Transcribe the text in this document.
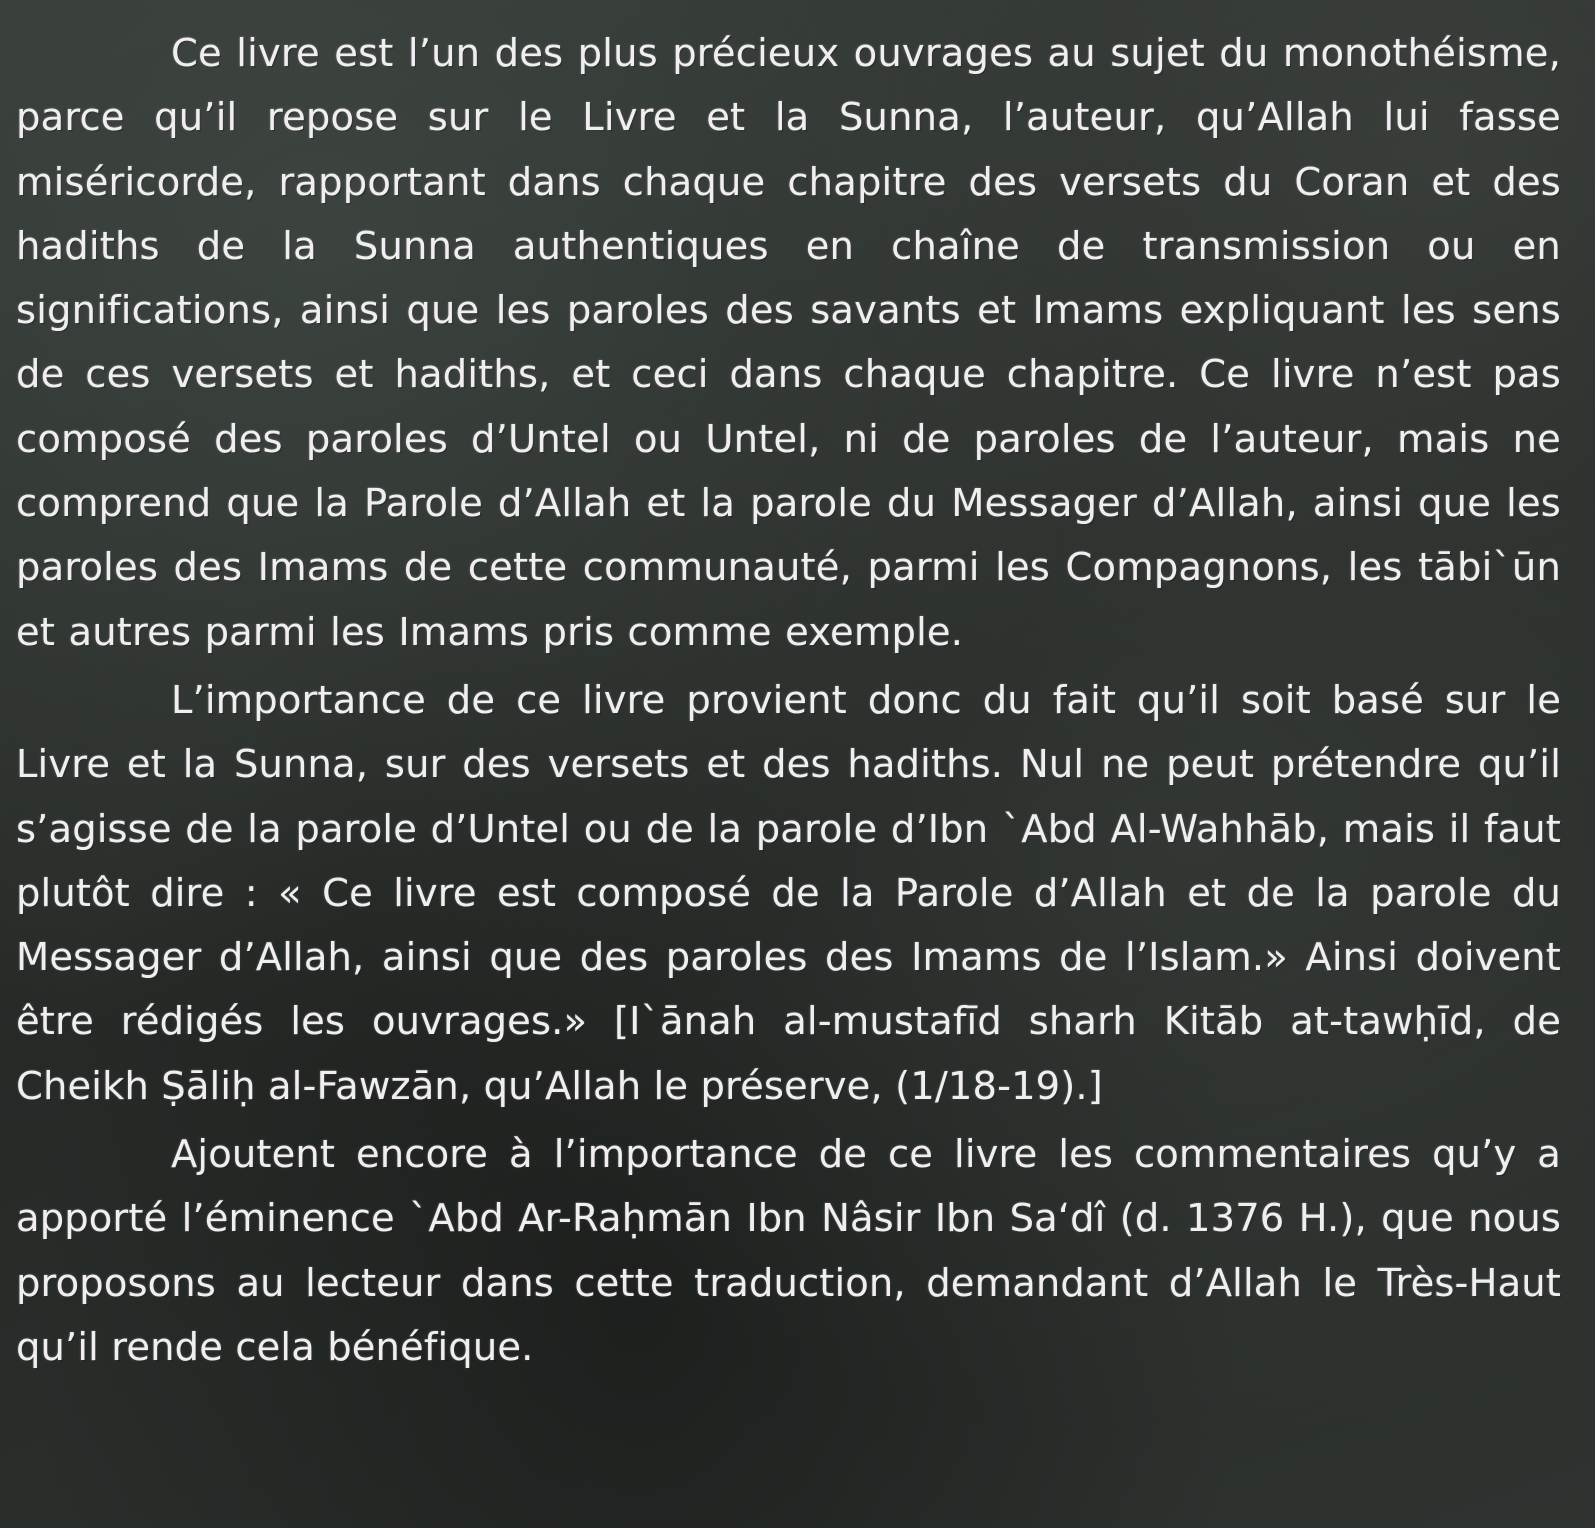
Ce livre est l’un des plus précieux ouvrages au sujet du monothéisme, parce qu’il repose sur le Livre et la Sunna, l’auteur, qu’Allah lui fasse miséricorde, rapportant dans chaque chapitre des versets du Coran et des hadiths de la Sunna authentiques en chaîne de transmission ou en significations, ainsi que les paroles des savants et Imams expliquant les sens de ces versets et hadiths, et ceci dans chaque chapitre. Ce livre n’est pas composé des paroles d’Untel ou Untel, ni de paroles de l’auteur, mais ne comprend que la Parole d’Allah et la parole du Messager d’Allah, ainsi que les paroles des Imams de cette communauté, parmi les Compagnons, les tābi`ūn et autres parmi les Imams pris comme exemple.

L’importance de ce livre provient donc du fait qu’il soit basé sur le Livre et la Sunna, sur des versets et des hadiths. Nul ne peut prétendre qu’il s’agisse de la parole d’Untel ou de la parole d’Ibn `Abd Al-Wahhāb, mais il faut plutôt dire : « Ce livre est composé de la Parole d’Allah et de la parole du Messager d’Allah, ainsi que des paroles des Imams de l’Islam.» Ainsi doivent être rédigés les ouvrages.» [I`ānah al-mustafīd sharh Kitāb at-tawḥīd, de Cheikh Ṣāliḥ al-Fawzān, qu’Allah le préserve, (1/18-19).]

Ajoutent encore à l’importance de ce livre les commentaires qu’y a apporté l’éminence `Abd Ar-Raḥmān Ibn Nâsir Ibn Sa‘dî (d. 1376 H.), que nous proposons au lecteur dans cette traduction, demandant d’Allah le Très-Haut qu’il rende cela bénéfique.
